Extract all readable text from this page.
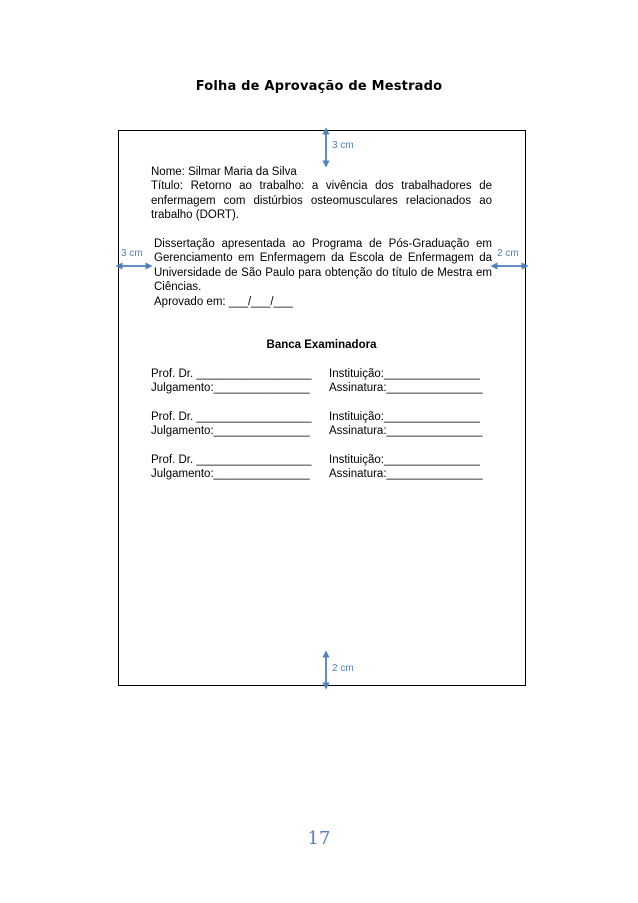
Folha de Aprovação de Mestrado
3 cm
2 cm
3 cm	2 cm

Nome: Silmar Maria da Silva

Título: Retorno ao trabalho: a vivência dos trabalhadores de enfermagem com distúrbios osteomusculares relacionados ao trabalho (DORT).

Dissertação apresentada ao Programa de Pós-Graduação em Gerenciamento em Enfermagem da Escola de Enfermagem da Universidade de São Paulo para obtenção do título de Mestra em Ciências.

Aprovado em: ___/___/___

Banca Examinadora

Prof. Dr. __________________	Instituição:_______________
Julgamento:_______________	Assinatura:_______________
Prof. Dr. __________________	Instituição:_______________
Julgamento:_______________	Assinatura:_______________
Prof. Dr. __________________	Instituição:_______________
Julgamento:_______________	Assinatura:_______________
17
